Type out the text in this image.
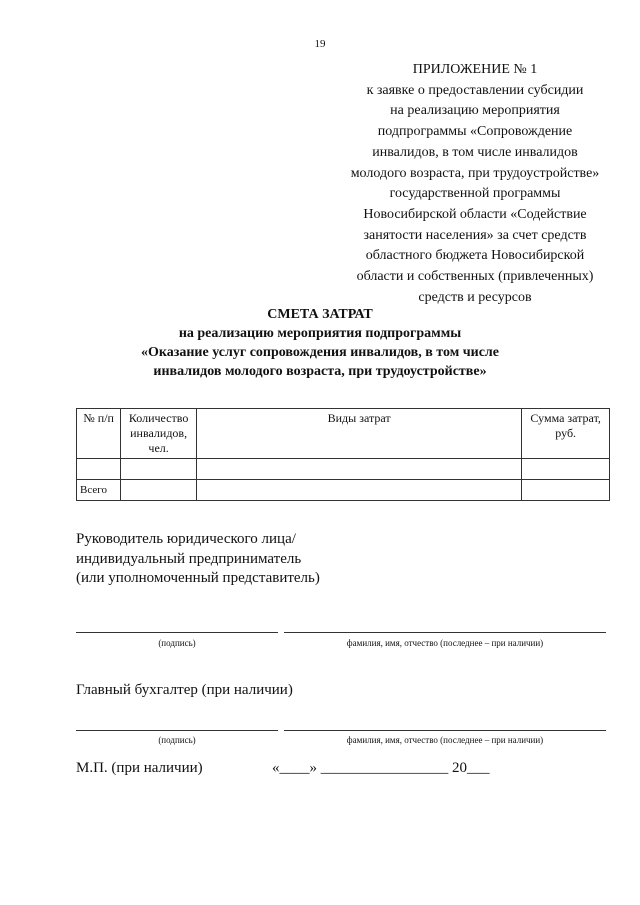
19
ПРИЛОЖЕНИЕ № 1
к заявке о предоставлении субсидии
на реализацию мероприятия
подпрограммы «Сопровождение
инвалидов, в том числе инвалидов
молодого возраста, при трудоустройстве»
государственной программы
Новосибирской области «Содействие
занятости населения» за счет средств
областного бюджета Новосибирской
области и собственных (привлеченных)
средств и ресурсов
СМЕТА ЗАТРАТ
на реализацию мероприятия подпрограммы
«Оказание услуг сопровождения инвалидов, в том числе
инвалидов молодого возраста, при трудоустройстве»
№ п/п	Количество инвалидов, чел.	Виды затрат	Сумма затрат, руб.

Всего			
Руководитель юридического лица/
индивидуальный предприниматель
(или уполномоченный представитель)
(подпись)	фамилия, имя, отчество (последнее – при наличии)
Главный бухгалтер (при наличии)
(подпись)	фамилия, имя, отчество (последнее – при наличии)
М.П. (при наличии)	«____» _________________ 20___
